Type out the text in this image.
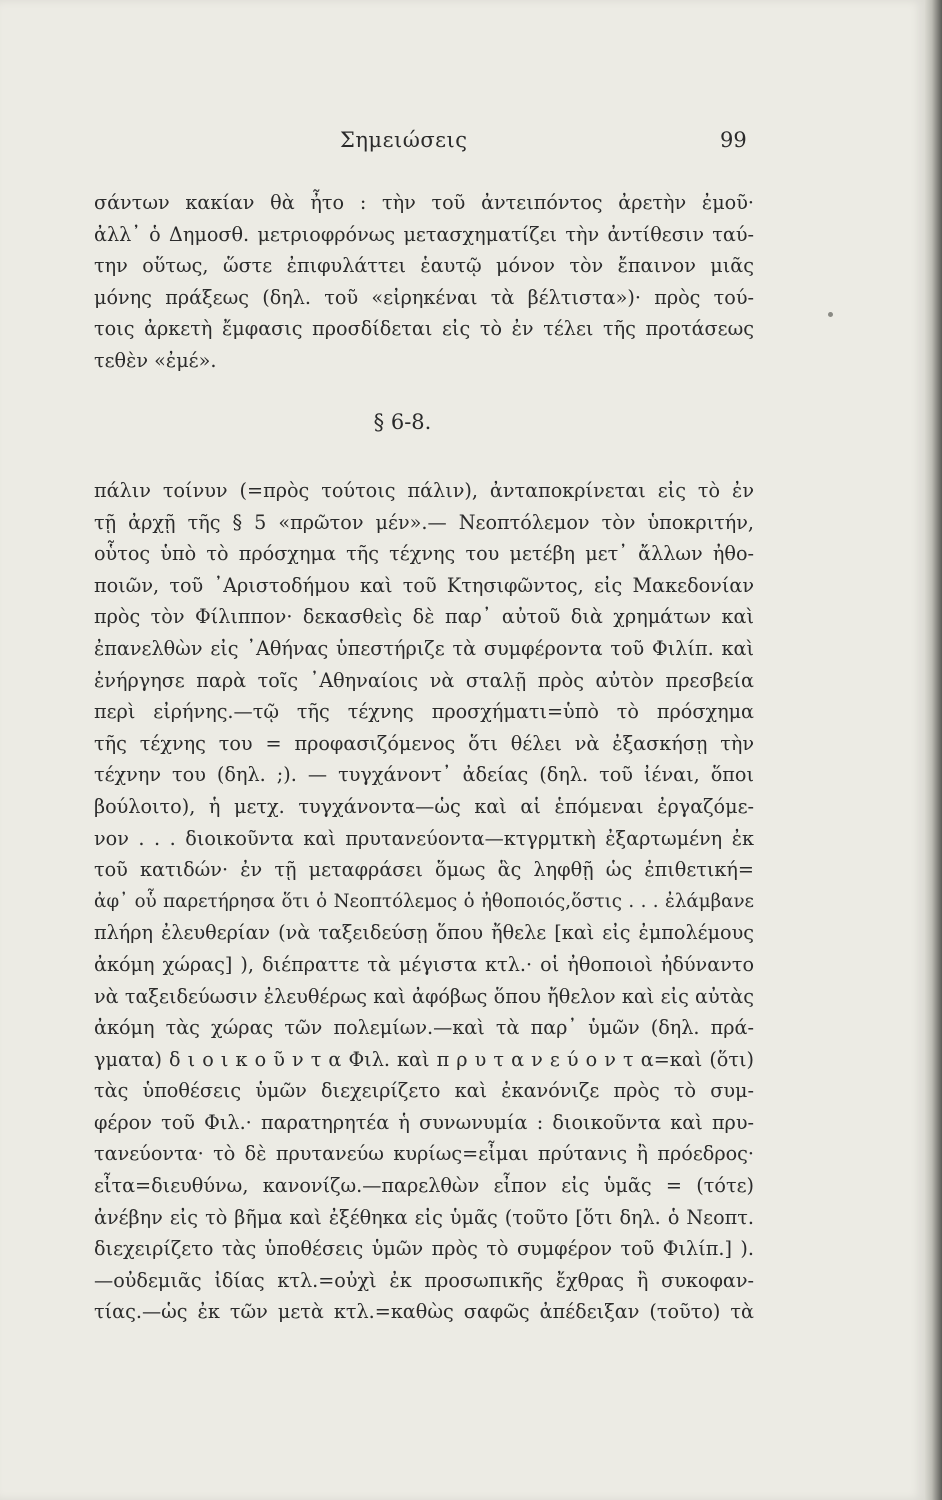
Σημειώσεις	99
σάντων κακίαν θὰ ἦτο : τὴν τοῦ ἀντειπόντος ἀρετὴν ἐμοῦ·
ἀλλ᾽ ὁ Δημοσθ. μετριοφρόνως μετασχηματίζει τὴν ἀντίθεσιν ταύ-
την οὕτως, ὥστε ἐπιφυλάττει ἑαυτῷ μόνον τὸν ἔπαινον μιᾶς
μόνης πράξεως (δηλ. τοῦ «εἰρηκέναι τὰ βέλτιστα»)· πρὸς τού-
τοις ἀρκετὴ ἔμφασις προσδίδεται εἰς τὸ ἐν τέλει τῆς προτάσεως
τεθὲν «ἐμέ».
§ 6-8.
πάλιν τοίνυν (=πρὸς τούτοις πάλιν), ἀνταποκρίνεται εἰς τὸ ἐν
τῇ ἀρχῇ τῆς § 5 «πρῶτον μέν».— Νεοπτόλεμον τὸν ὑποκριτήν,
οὗτος ὑπὸ τὸ πρόσχημα τῆς τέχνης του μετέβη μετ᾽ ἄλλων ἠθο-
ποιῶν, τοῦ ᾿Αριστοδήμου καὶ τοῦ Κτησιφῶντος, εἰς Μακεδονίαν
πρὸς τὸν Φίλιππον· δεκασθεὶς δὲ παρ᾽ αὐτοῦ διὰ χρημάτων καὶ
ἐπανελθὼν εἰς ᾿Αθήνας ὑπεστήριζε τὰ συμφέροντα τοῦ Φιλίπ. καὶ
ἐνήργησε παρὰ τοῖς ᾿Αθηναίοις νὰ σταλῇ πρὸς αὐτὸν πρεσβεία
περὶ εἰρήνης.—τῷ τῆς τέχνης προσχήματι=ὑπὸ τὸ πρόσχημα
τῆς τέχνης του = προφασιζόμενος ὅτι θέλει νὰ ἐξασκήσῃ τὴν
τέχνην του (δηλ. ;). — τυγχάνοντ᾽ ἀδείας (δηλ. τοῦ ἰέναι, ὅποι
βούλοιτο), ἡ μετχ. τυγχάνοντα—ὡς καὶ αἱ ἑπόμεναι ἐργαζόμε-
νον . . . διοικοῦντα καὶ πρυτανεύοντα—κτγρμτκὴ ἐξαρτωμένη ἐκ
τοῦ κατιδών· ἐν τῇ μεταφράσει ὅμως ἃς ληφθῇ ὡς ἐπιθετική=
ἀφ᾽ οὗ παρετήρησα ὅτι ὁ Νεοπτόλεμος ὁ ἠθοποιός,ὅστις . . . ἐλάμβανε
πλήρη ἐλευθερίαν (νὰ ταξειδεύσῃ ὅπου ἤθελε [καὶ εἰς ἐμπολέμους
ἀκόμη χώρας] ), διέπραττε τὰ μέγιστα κτλ.· οἱ ἠθοποιοὶ ἠδύναντο
νὰ ταξειδεύωσιν ἐλευθέρως καὶ ἀφόβως ὅπου ἤθελον καὶ εἰς αὐτὰς
ἀκόμη τὰς χώρας τῶν πολεμίων.—καὶ τὰ παρ᾽ ὑμῶν (δηλ. πρά-
γματα) δ ι ο ι κ ο ῦ ν τ α Φιλ. καὶ π ρ υ τ α ν ε ύ ο ν τ α=καὶ (ὅτι)
τὰς ὑποθέσεις ὑμῶν διεχειρίζετο καὶ ἐκανόνιζε πρὸς τὸ συμ-
φέρον τοῦ Φιλ.· παρατηρητέα ἡ συνωνυμία : διοικοῦντα καὶ πρυ-
τανεύοντα· τὸ δὲ πρυτανεύω κυρίως=εἶμαι πρύτανις ἢ πρόεδρος·
εἶτα=διευθύνω, κανονίζω.—παρελθὼν εἶπον εἰς ὑμᾶς = (τότε)
ἀνέβην εἰς τὸ βῆμα καὶ ἐξέθηκα εἰς ὑμᾶς (τοῦτο [ὅτι δηλ. ὁ Νεοπτ.
διεχειρίζετο τὰς ὑποθέσεις ὑμῶν πρὸς τὸ συμφέρον τοῦ Φιλίπ.] ).
—οὐδεμιᾶς ἰδίας κτλ.=οὐχὶ ἐκ προσωπικῆς ἔχθρας ἢ συκοφαν-
τίας.—ὡς ἐκ τῶν μετὰ κτλ.=καθὼς σαφῶς ἀπέδειξαν (τοῦτο) τὰ
